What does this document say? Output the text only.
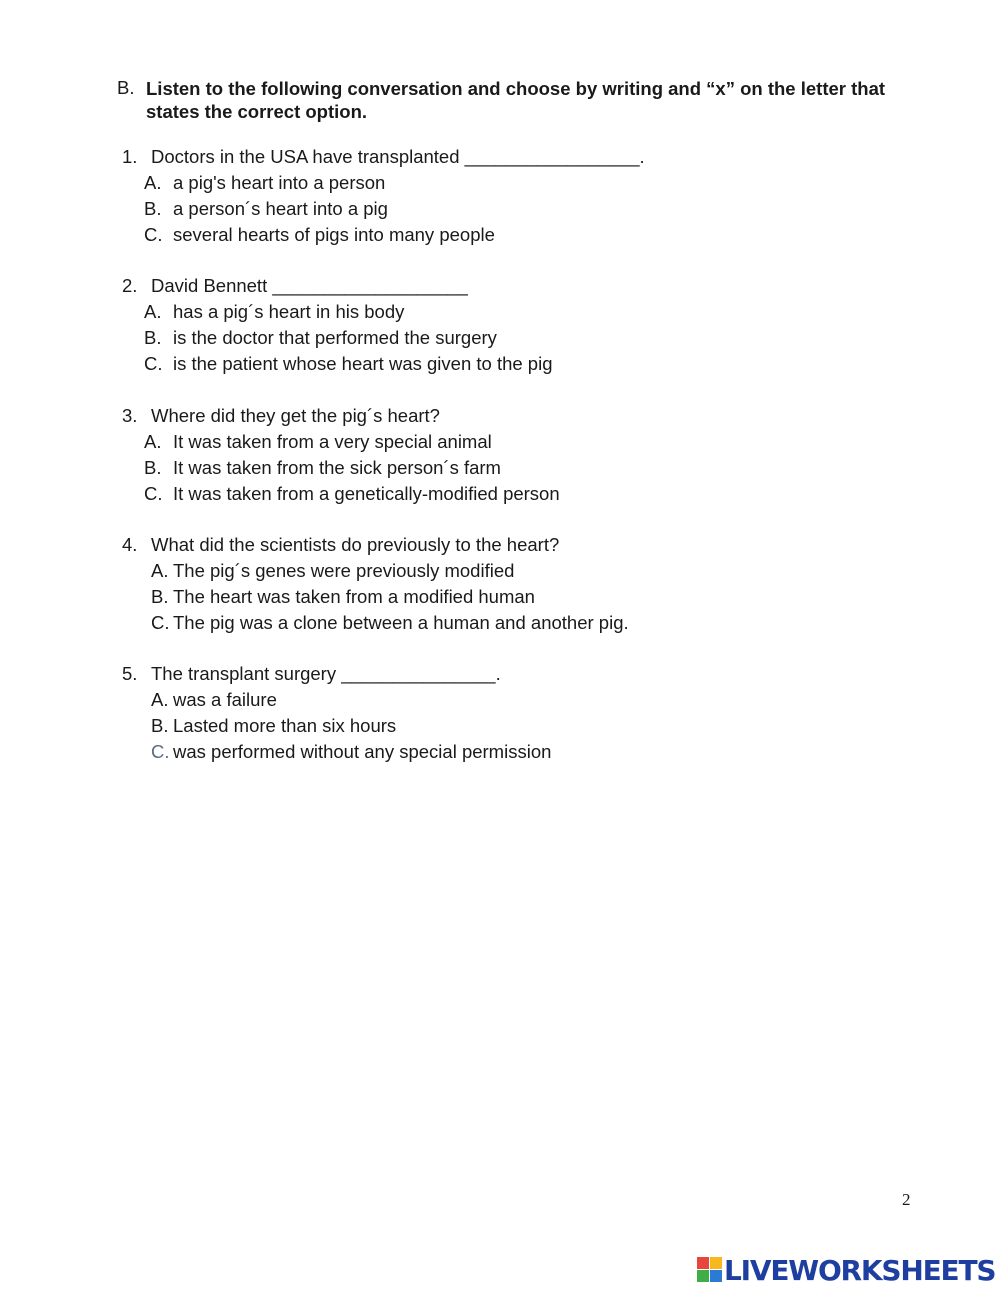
B. Listen to the following conversation and choose by writing and “x” on the letter that states the correct option.
1. Doctors in the USA have transplanted _________________.
A. a pig's heart into a person
B. a person´s heart into a pig
C. several hearts of pigs into many people
2. David Bennett ___________________
A. has a pig´s heart in his body
B. is the doctor that performed the surgery
C. is the patient whose heart was given to the pig
3. Where did they get the pig´s heart?
A. It was taken from a very special animal
B. It was taken from the sick person´s farm
C. It was taken from a genetically-modified person
4. What did the scientists do previously to the heart?
A. The pig´s genes were previously modified
B. The heart was taken from a modified human
C. The pig was a clone between a human and another pig.
5. The transplant surgery _______________.
A. was a failure
B. Lasted more than six hours
C. was performed without any special permission
2
LIVEWORKSHEETS
